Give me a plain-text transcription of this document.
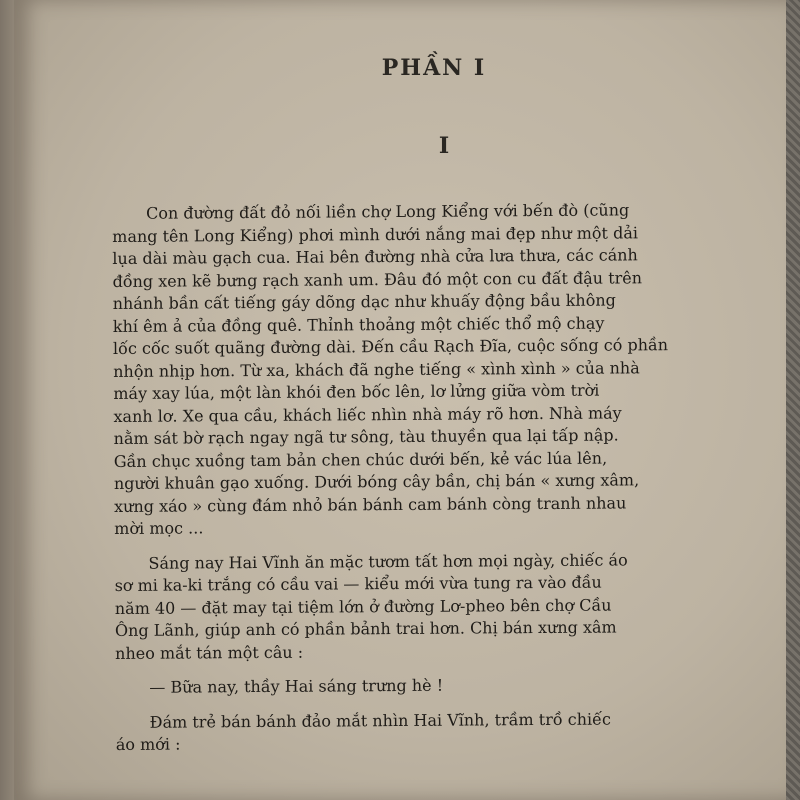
PHẦN I
I

Con đường đất đỏ nối liền chợ Long Kiểng với bến đò (cũng

mang tên Long Kiểng) phơi mình dưới nắng mai đẹp như một dải

lụa dài màu gạch cua. Hai bên đường nhà cửa lưa thưa, các cánh

đồng xen kẽ bưng rạch xanh um. Đâu đó một con cu đất đậu trên

nhánh bần cất tiếng gáy dõng dạc như khuấy động bầu không

khí êm ả của đồng quê. Thỉnh thoảng một chiếc thổ mộ chạy

lốc cốc suốt quãng đường dài. Đến cầu Rạch Đĩa, cuộc sống có phần

nhộn nhịp hơn. Từ xa, khách đã nghe tiếng « xình xình » của nhà

máy xay lúa, một làn khói đen bốc lên, lơ lửng giữa vòm trời

xanh lơ. Xe qua cầu, khách liếc nhìn nhà máy rõ hơn. Nhà máy

nằm sát bờ rạch ngay ngã tư sông, tàu thuyền qua lại tấp nập.

Gần chục xuồng tam bản chen chúc dưới bến, kẻ vác lúa lên,

người khuân gạo xuống. Dưới bóng cây bần, chị bán « xưng xâm,

xưng xáo » cùng đám nhỏ bán bánh cam bánh còng tranh nhau

mời mọc ...

Sáng nay Hai Vĩnh ăn mặc tươm tất hơn mọi ngày, chiếc áo

sơ mi ka-ki trắng có cầu vai — kiểu mới vừa tung ra vào đầu

năm 40 — đặt may tại tiệm lớn ở đường Lơ-pheo bên chợ Cầu

Ông Lãnh, giúp anh có phần bảnh trai hơn. Chị bán xưng xâm

nheo mắt tán một câu :

— Bữa nay, thầy Hai sáng trưng hè !

Đám trẻ bán bánh đảo mắt nhìn Hai Vĩnh, trầm trồ chiếc

áo mới :
